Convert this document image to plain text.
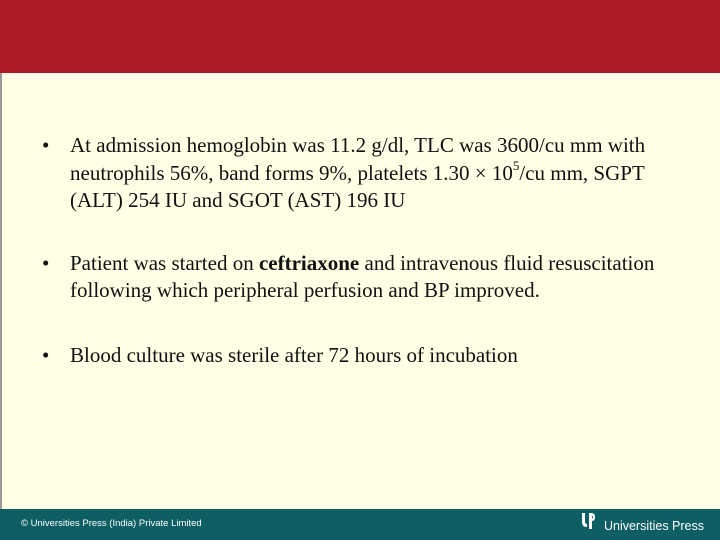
• At admission hemoglobin was 11.2 g/dl, TLC was 3600/cu mm with neutrophils 56%, band forms 9%, platelets $1.30 \times 10^5/cu$ mm, SGPT (ALT) 254 IU and SGOT (AST) 196 IU
• Patient was started on ceftriaxone and intravenous fluid resuscitation following which peripheral perfusion and BP improved.
• Blood culture was sterile after 72 hours of incubation
© Universities Press (India) Private Limited	Universities Press
